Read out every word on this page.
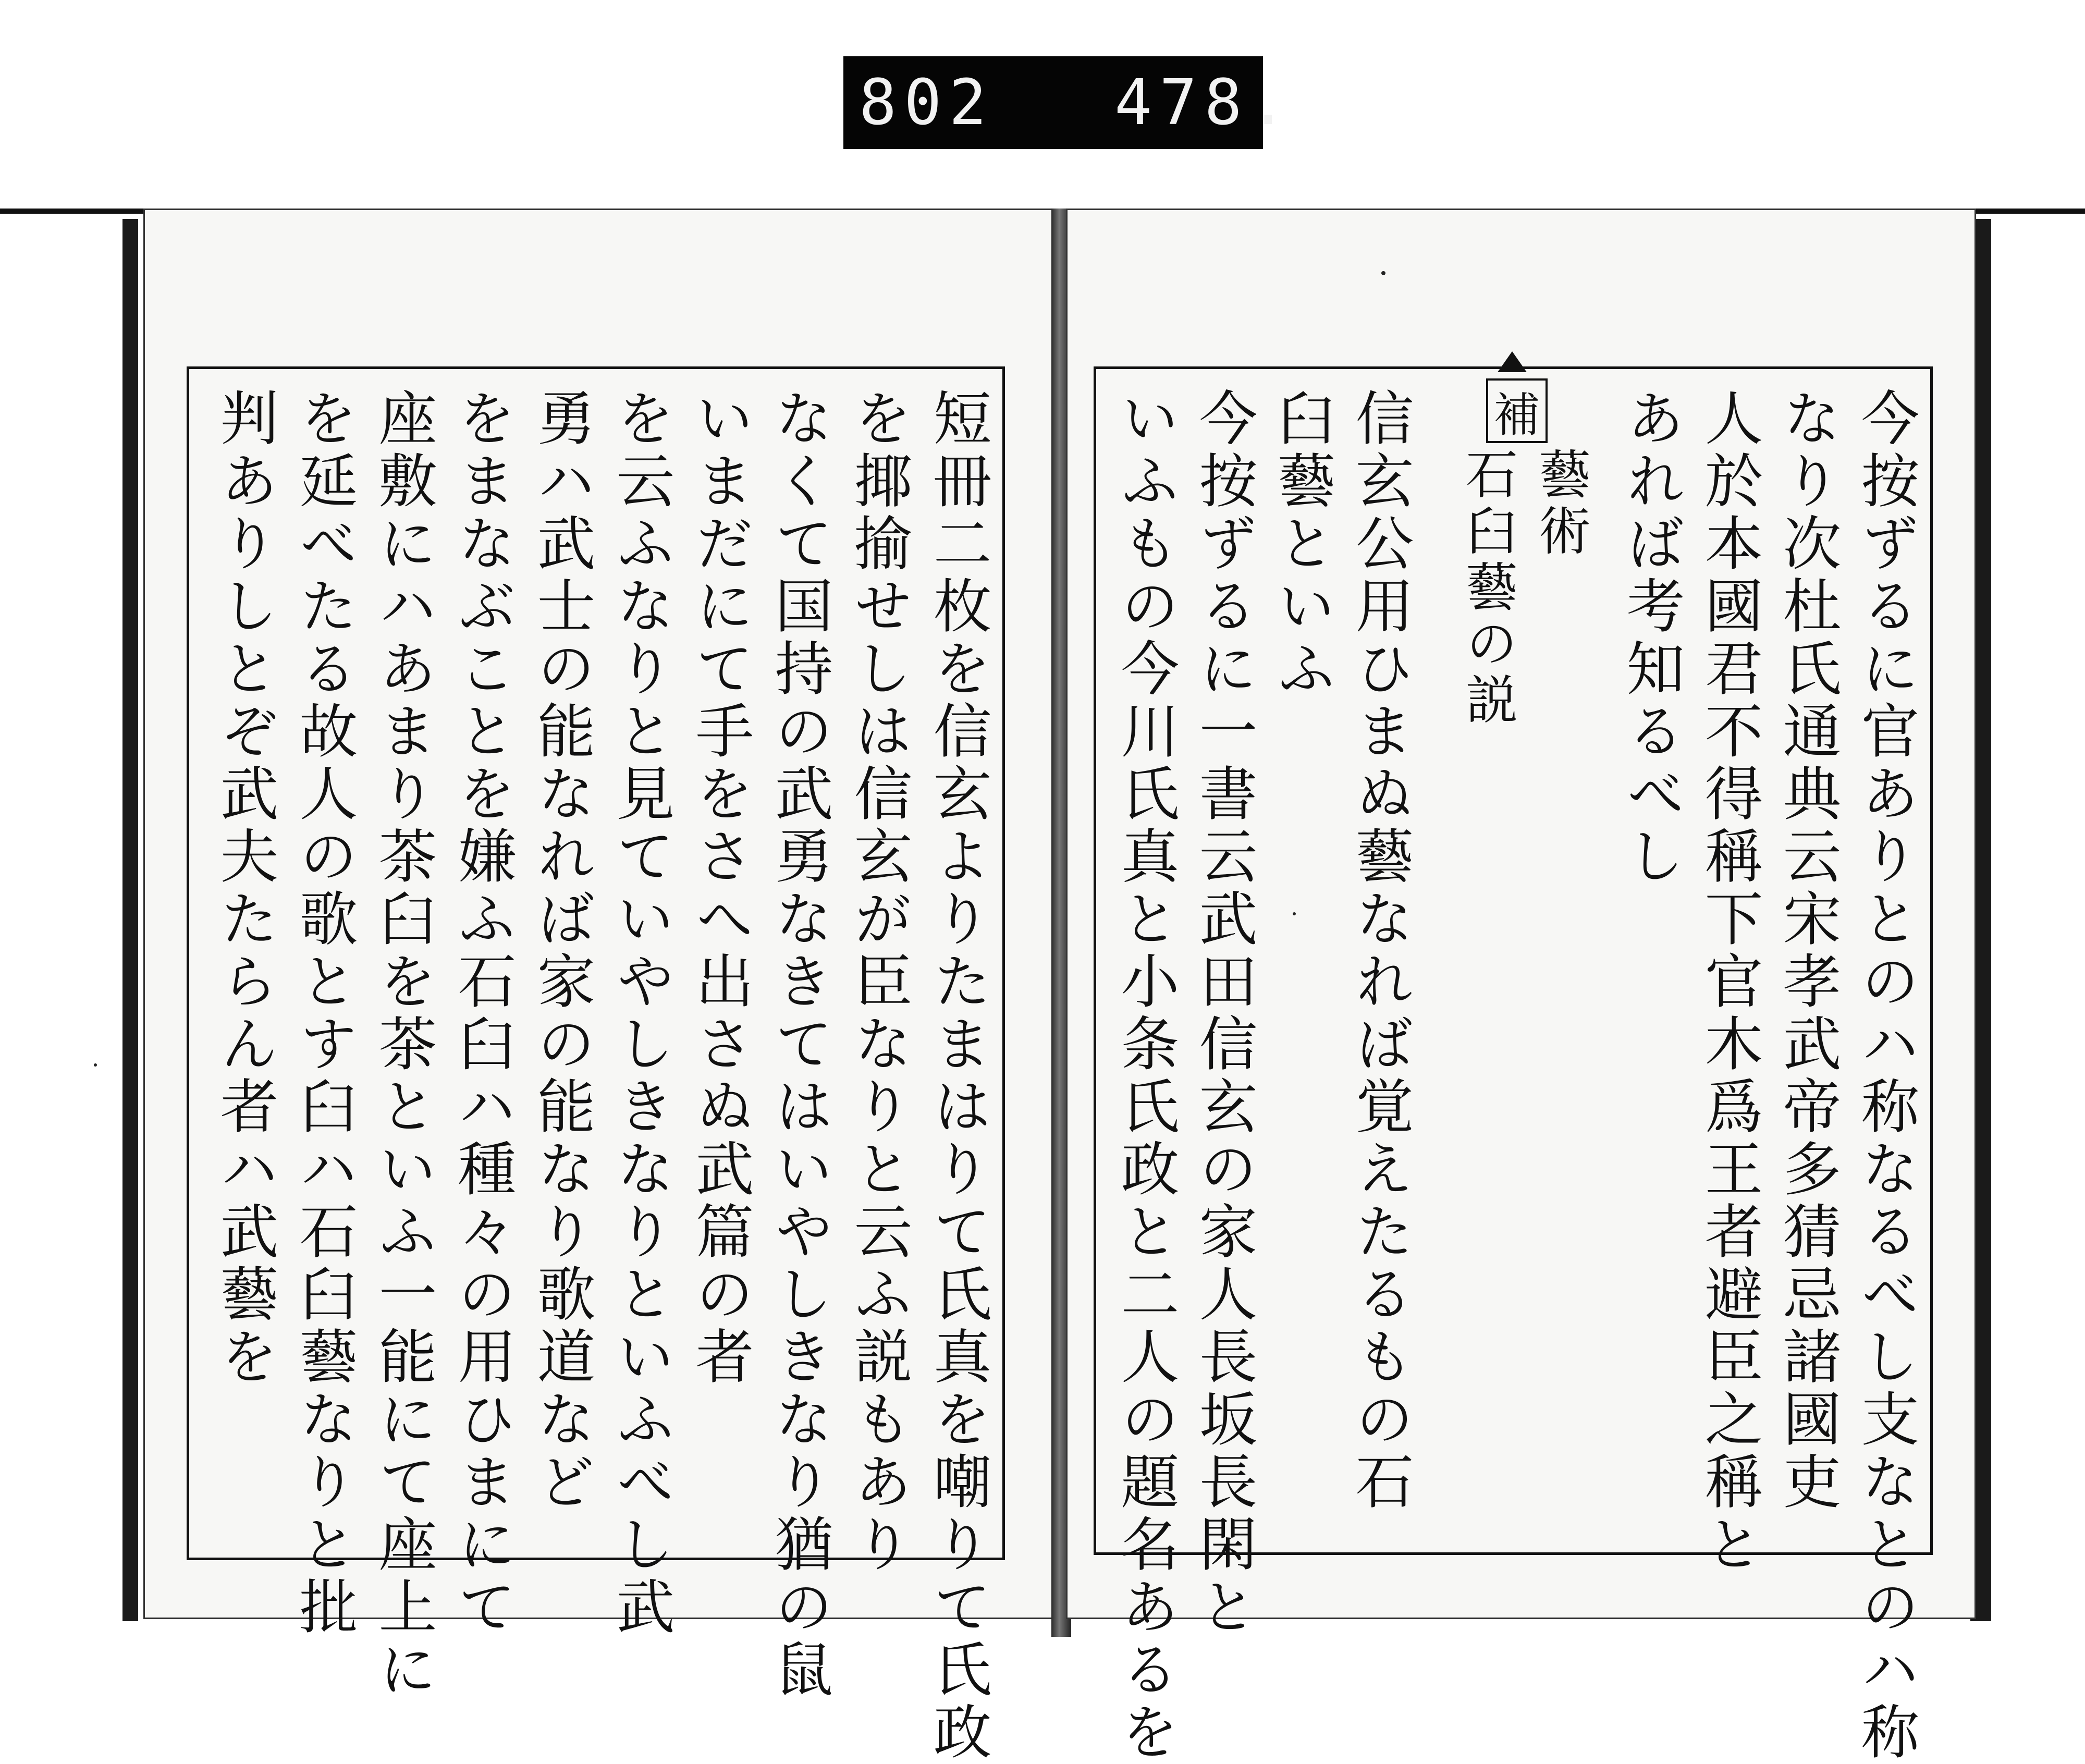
802 478.
短冊二枚を信玄よりたまはりて氏真を嘲りて氏政
を揶揄せしは信玄が臣なりと云ふ説もあり
なくて国持の武勇なきてはいやしきなり猶の鼠
いまだにて手をさへ出さぬ武篇の者
を云ふなりと見ていやしきなりといふべし武
勇ハ武士の能なれば家の能なり歌道など
をまなぶことを嫌ふ石臼ハ種々の用ひまにて
座敷にハあまり茶臼を茶といふ一能にて座上に
を延べたる故人の歌とす臼ハ石臼藝なりと批
判ありしとぞ武夫たらん者ハ武藝を	補	今按ずるに官ありとのハ称なるべし支なとのハ称
なり次杜氏通典云宋孝武帝多猜忌諸國吏
人於本國君不得稱下官木爲王者避臣之稱と
あれば考知るべし
藝術
石臼藝の説
信玄公用ひまぬ藝なれば覚えたるもの石
臼藝といふ
今按ずるに一書云武田信玄の家人長坂長閑と
いふもの今川氏真と小条氏政と二人の題名あるを
